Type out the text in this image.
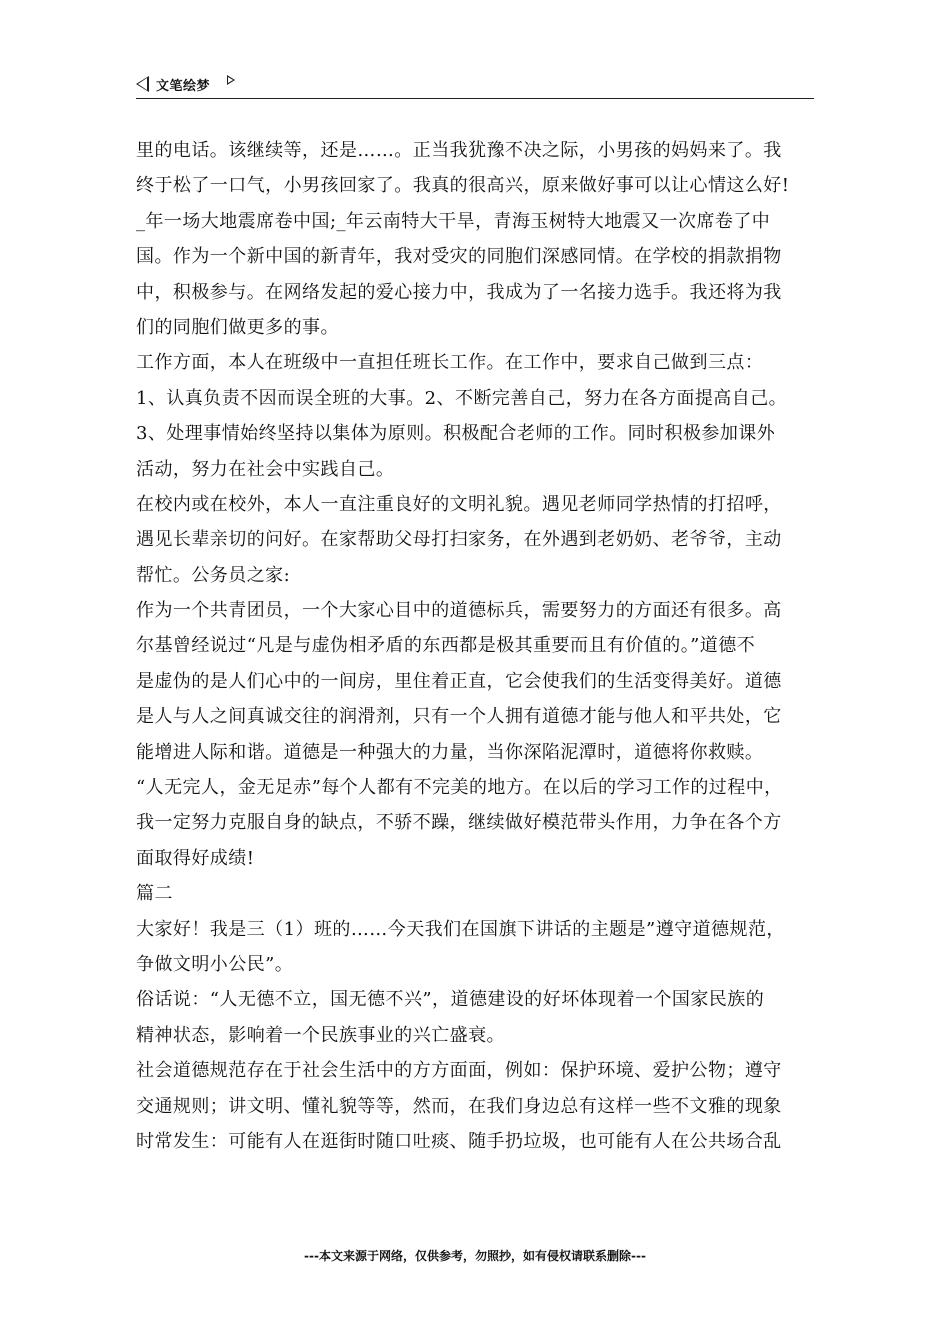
文笔绘梦
里的电话。该继续等，还是……。正当我犹豫不决之际，小男孩的妈妈来了。我
终于松了一口气，小男孩回家了。我真的很高兴，原来做好事可以让心情这么好!
_年一场大地震席卷中国;_年云南特大干旱，青海玉树特大地震又一次席卷了中
国。作为一个新中国的新青年，我对受灾的同胞们深感同情。在学校的捐款捐物
中，积极参与。在网络发起的爱心接力中，我成为了一名接力选手。我还将为我
们的同胞们做更多的事。
工作方面，本人在班级中一直担任班长工作。在工作中，要求自己做到三点：
1、认真负责不因而误全班的大事。2、不断完善自己，努力在各方面提高自己。
3、处理事情始终坚持以集体为原则。积极配合老师的工作。同时积极参加课外
活动，努力在社会中实践自己。
在校内或在校外，本人一直注重良好的文明礼貌。遇见老师同学热情的打招呼，
遇见长辈亲切的问好。在家帮助父母打扫家务，在外遇到老奶奶、老爷爷，主动
帮忙。公务员之家:
作为一个共青团员，一个大家心目中的道德标兵，需要努力的方面还有很多。高
尔基曾经说过“凡是与虚伪相矛盾的东西都是极其重要而且有价值的。”道德不
是虚伪的是人们心中的一间房，里住着正直，它会使我们的生活变得美好。道德
是人与人之间真诚交往的润滑剂，只有一个人拥有道德才能与他人和平共处，它
能增进人际和谐。道德是一种强大的力量，当你深陷泥潭时，道德将你救赎。
“人无完人，金无足赤”每个人都有不完美的地方。在以后的学习工作的过程中，
我一定努力克服自身的缺点，不骄不躁，继续做好模范带头作用，力争在各个方
面取得好成绩!
篇二
大家好！我是三（1）班的……今天我们在国旗下讲话的主题是”遵守道德规范，
争做文明小公民”。
俗话说：“人无德不立，国无德不兴”，道德建设的好坏体现着一个国家民族的
精神状态，影响着一个民族事业的兴亡盛衰。
社会道德规范存在于社会生活中的方方面面，例如：保护环境、爱护公物；遵守
交通规则；讲文明、懂礼貌等等，然而，在我们身边总有这样一些不文雅的现象
时常发生：可能有人在逛街时随口吐痰、随手扔垃圾，也可能有人在公共场合乱
---本文来源于网络，仅供参考，勿照抄，如有侵权请联系删除---
